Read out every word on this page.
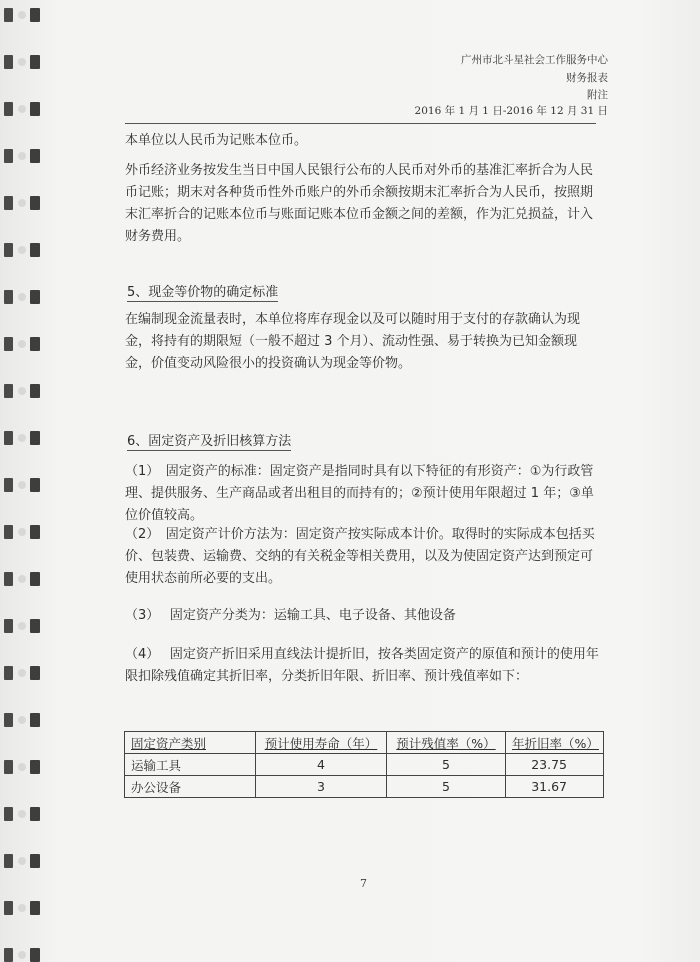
广州市北斗星社会工作服务中心
财务报表
附注
2016 年 1 月 1 日-2016 年 12 月 31 日
本单位以人民币为记账本位币。
外币经济业务按发生当日中国人民银行公布的人民币对外币的基准汇率折合为人民币记账；期末对各种货币性外币账户的外币余额按期末汇率折合为人民币，按照期末汇率折合的记账本位币与账面记账本位币金额之间的差额，作为汇兑损益，计入财务费用。
5、现金等价物的确定标准
在编制现金流量表时，本单位将库存现金以及可以随时用于支付的存款确认为现金，将持有的期限短（一般不超过 3 个月）、流动性强、易于转换为已知金额现金，价值变动风险很小的投资确认为现金等价物。
6、固定资产及折旧核算方法
（1）　固定资产的标准：固定资产是指同时具有以下特征的有形资产：①为行政管理、提供服务、生产商品或者出租目的而持有的；②预计使用年限超过 1 年；③单位价值较高。
（2）　固定资产计价方法为：固定资产按实际成本计价。取得时的实际成本包括买价、包装费、运输费、交纳的有关税金等相关费用，以及为使固定资产达到预定可使用状态前所必要的支出。
（3）　 固定资产分类为：运输工具、电子设备、其他设备
（4）　 固定资产折旧采用直线法计提折旧，按各类固定资产的原值和预计的使用年限扣除残值确定其折旧率，分类折旧年限、折旧率、预计残值率如下：
固定资产类别	预计使用寿命（年）	预计残值率（%）	年折旧率（%）
运输工具	4	5	23.75
办公设备	3	5	31.67
7
